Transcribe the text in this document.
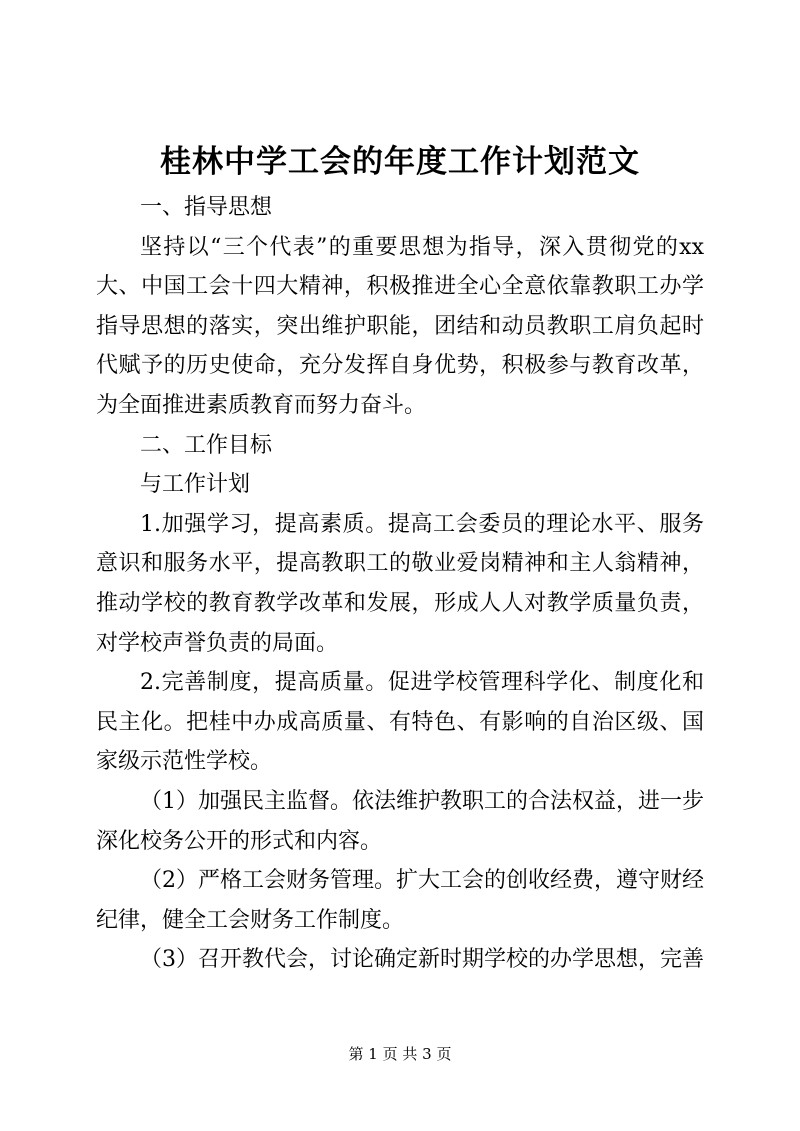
桂林中学工会的年度工作计划范文

一、指导思想

坚持以“三个代表”的重要思想为指导，深入贯彻党的xx大、中国工会十四大精神，积极推进全心全意依靠教职工办学指导思想的落实，突出维护职能，团结和动员教职工肩负起时代赋予的历史使命，充分发挥自身优势，积极参与教育改革，为全面推进素质教育而努力奋斗。

二、工作目标

与工作计划

1.加强学习，提高素质。提高工会委员的理论水平、服务意识和服务水平，提高教职工的敬业爱岗精神和主人翁精神，推动学校的教育教学改革和发展，形成人人对教学质量负责，对学校声誉负责的局面。

2.完善制度，提高质量。促进学校管理科学化、制度化和民主化。把桂中办成高质量、有特色、有影响的自治区级、国家级示范性学校。

（1）加强民主监督。依法维护教职工的合法权益，进一步深化校务公开的形式和内容。

（2）严格工会财务管理。扩大工会的创收经费，遵守财经纪律，健全工会财务工作制度。

（3）召开教代会，讨论确定新时期学校的办学思想，完善

第 1 页 共 3 页
